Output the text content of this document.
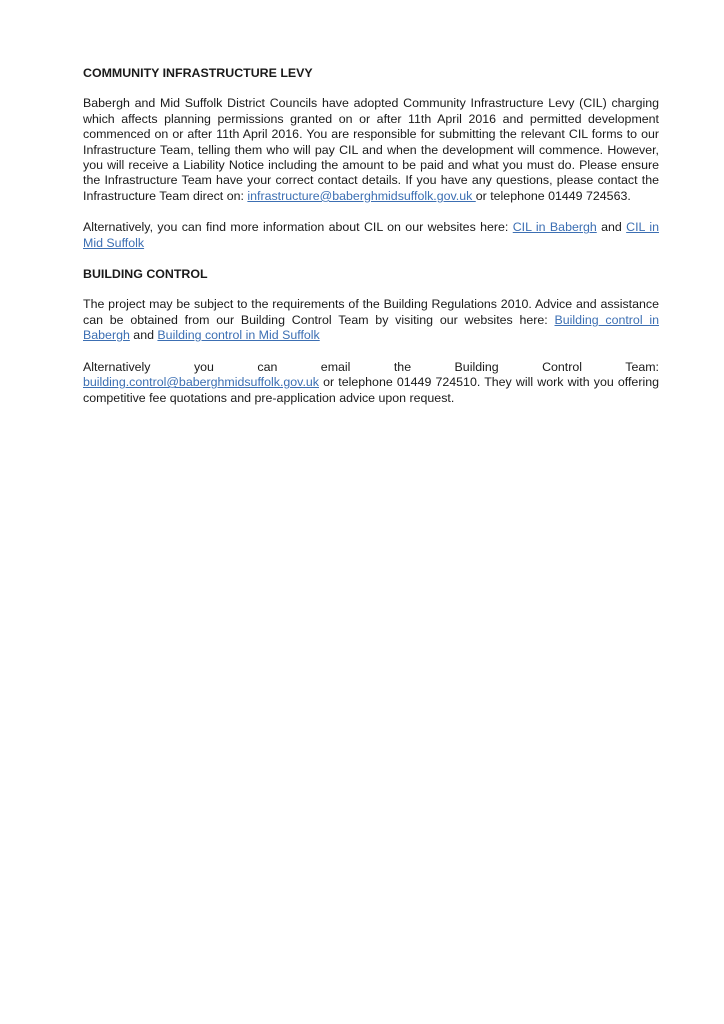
COMMUNITY INFRASTRUCTURE LEVY

Babergh and Mid Suffolk District Councils have adopted Community Infrastructure Levy (CIL) charging which affects planning permissions granted on or after 11th April 2016 and permitted development commenced on or after 11th April 2016. You are responsible for submitting the relevant CIL forms to our Infrastructure Team, telling them who will pay CIL and when the development will commence. However, you will receive a Liability Notice including the amount to be paid and what you must do. Please ensure the Infrastructure Team have your correct contact details. If you have any questions, please contact the Infrastructure Team direct on: infrastructure@baberghmidsuffolk.gov.uk or telephone 01449 724563.

Alternatively, you can find more information about CIL on our websites here: CIL in Babergh and CIL in Mid Suffolk

BUILDING CONTROL

The project may be subject to the requirements of the Building Regulations 2010. Advice and assistance can be obtained from our Building Control Team by visiting our websites here: Building control in Babergh and Building control in Mid Suffolk

Alternatively you can email the Building Control Team:
building.control@baberghmidsuffolk.gov.uk or telephone 01449 724510. They will work with you offering competitive fee quotations and pre-application advice upon request.
